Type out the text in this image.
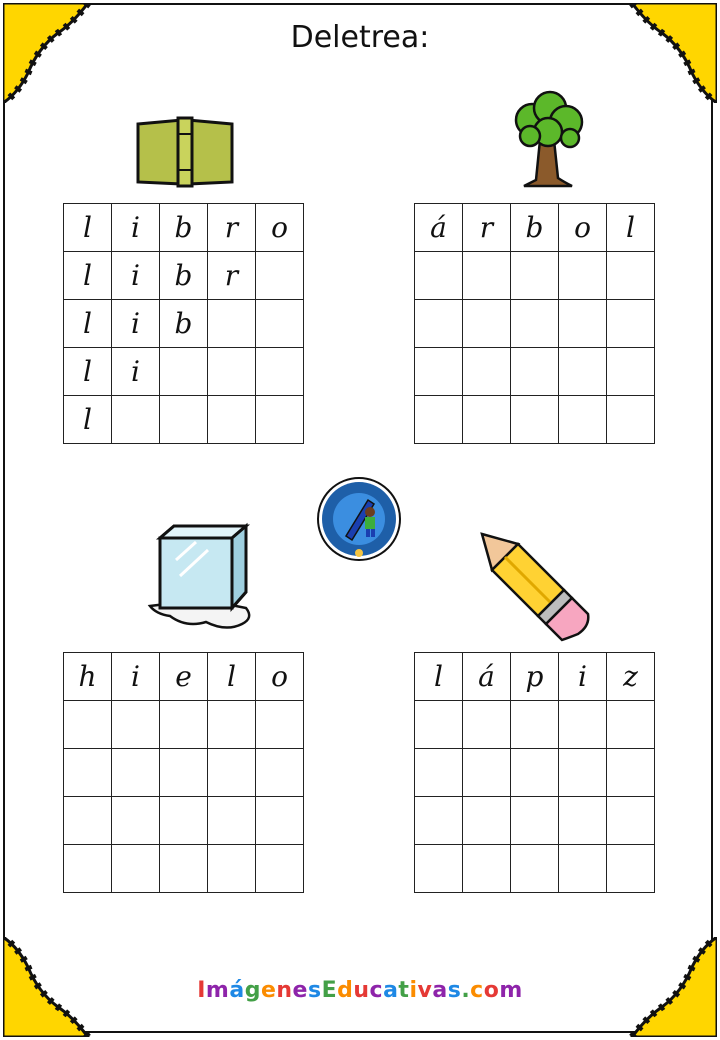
Deletrea:
l	i	b	r	o
l	i	b	r	
l	i	b		
l	i			
l				
á	r	b	o	l

h	i	e	l	o

					l	á	p	i	z

ImágenesEducativas.com
